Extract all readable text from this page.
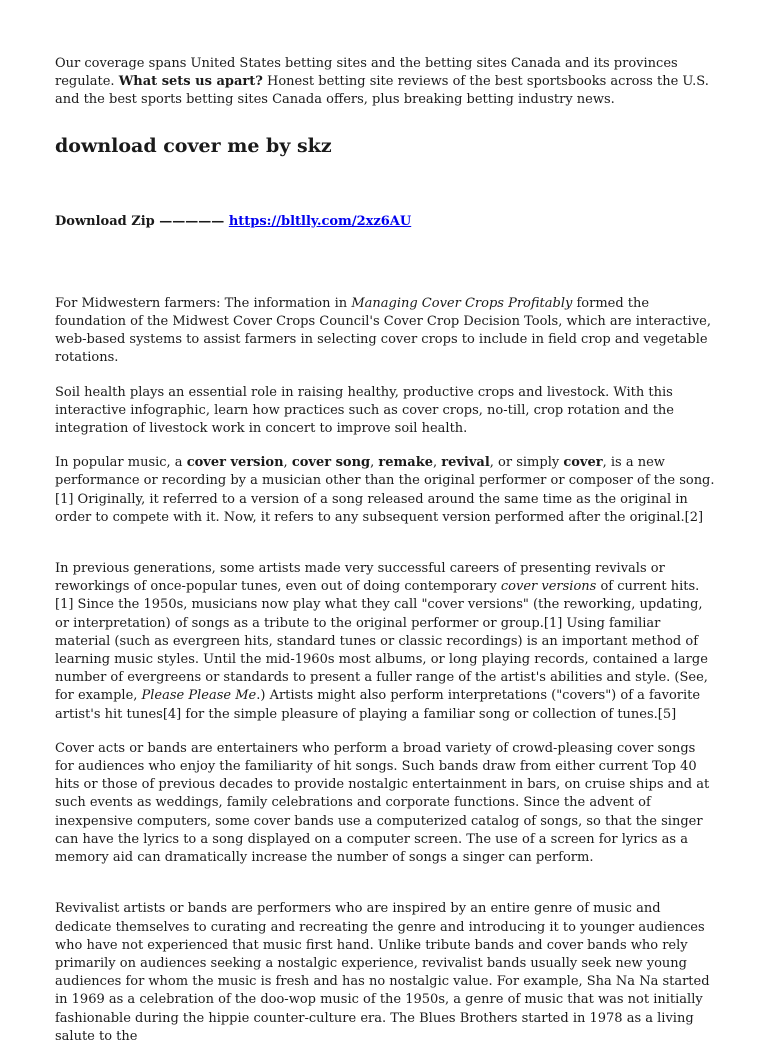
Our coverage spans United States betting sites and the betting sites Canada and its provinces regulate. What sets us apart? Honest betting site reviews of the best sportsbooks across the U.S. and the best sports betting sites Canada offers, plus breaking betting industry news.

download cover me by skz

Download Zip ————— https://bltlly.com/2xz6AU

For Midwestern farmers: The information in Managing Cover Crops Profitably formed the foundation of the Midwest Cover Crops Council's Cover Crop Decision Tools, which are interactive, web-based systems to assist farmers in selecting cover crops to include in field crop and vegetable rotations.

Soil health plays an essential role in raising healthy, productive crops and livestock. With this interactive infographic, learn how practices such as cover crops, no-till, crop rotation and the integration of livestock work in concert to improve soil health.

In popular music, a cover version, cover song, remake, revival, or simply cover, is a new performance or recording by a musician other than the original performer or composer of the song.[1] Originally, it referred to a version of a song released around the same time as the original in order to compete with it. Now, it refers to any subsequent version performed after the original.[2]

In previous generations, some artists made very successful careers of presenting revivals or reworkings of once-popular tunes, even out of doing contemporary cover versions of current hits.[1] Since the 1950s, musicians now play what they call "cover versions" (the reworking, updating, or interpretation) of songs as a tribute to the original performer or group.[1] Using familiar material (such as evergreen hits, standard tunes or classic recordings) is an important method of learning music styles. Until the mid-1960s most albums, or long playing records, contained a large number of evergreens or standards to present a fuller range of the artist's abilities and style. (See, for example, Please Please Me.) Artists might also perform interpretations ("covers") of a favorite artist's hit tunes[4] for the simple pleasure of playing a familiar song or collection of tunes.[5]

Cover acts or bands are entertainers who perform a broad variety of crowd-pleasing cover songs for audiences who enjoy the familiarity of hit songs. Such bands draw from either current Top 40 hits or those of previous decades to provide nostalgic entertainment in bars, on cruise ships and at such events as weddings, family celebrations and corporate functions. Since the advent of inexpensive computers, some cover bands use a computerized catalog of songs, so that the singer can have the lyrics to a song displayed on a computer screen. The use of a screen for lyrics as a memory aid can dramatically increase the number of songs a singer can perform.

Revivalist artists or bands are performers who are inspired by an entire genre of music and dedicate themselves to curating and recreating the genre and introducing it to younger audiences who have not experienced that music first hand. Unlike tribute bands and cover bands who rely primarily on audiences seeking a nostalgic experience, revivalist bands usually seek new young audiences for whom the music is fresh and has no nostalgic value. For example, Sha Na Na started in 1969 as a celebration of the doo-wop music of the 1950s, a genre of music that was not initially fashionable during the hippie counter-culture era. The Blues Brothers started in 1978 as a living salute to the
